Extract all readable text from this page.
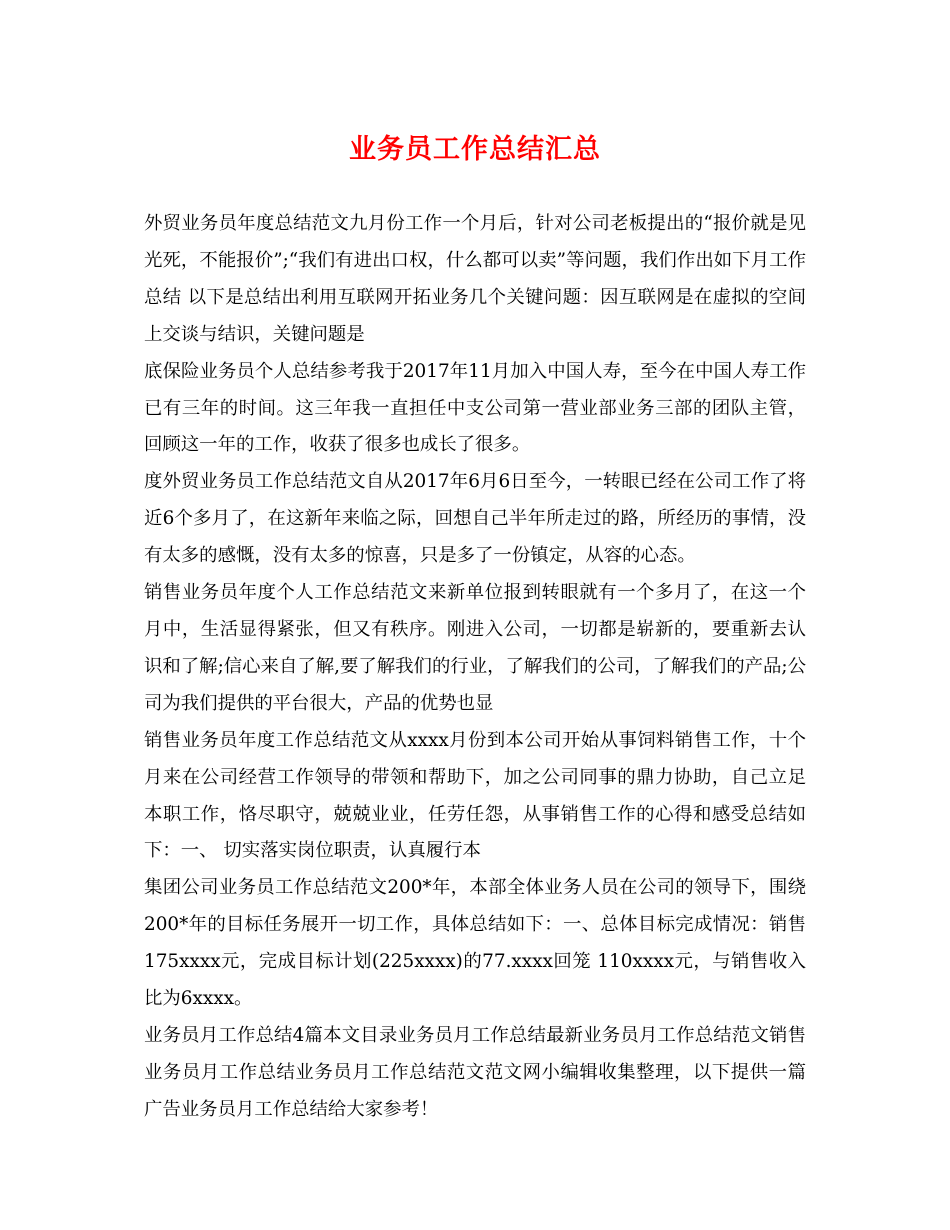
业务员工作总结汇总

外贸业务员年度总结范文九月份工作一个月后，针对公司老板提出的“报价就是见光死，不能报价”;“我们有进出口权，什么都可以卖”等问题，我们作出如下月工作总结 以下是总结出利用互联网开拓业务几个关键问题：因互联网是在虚拟的空间上交谈与结识，关键问题是

底保险业务员个人总结参考我于2017年11月加入中国人寿，至今在中国人寿工作已有三年的时间。这三年我一直担任中支公司第一营业部业务三部的团队主管，回顾这一年的工作，收获了很多也成长了很多。

度外贸业务员工作总结范文自从2017年6月6日至今，一转眼已经在公司工作了将近6个多月了，在这新年来临之际，回想自己半年所走过的路，所经历的事情，没有太多的感慨，没有太多的惊喜，只是多了一份镇定，从容的心态。

销售业务员年度个人工作总结范文来新单位报到转眼就有一个多月了，在这一个月中，生活显得紧张，但又有秩序。刚进入公司，一切都是崭新的，要重新去认识和了解;信心来自了解,要了解我们的行业，了解我们的公司，了解我们的产品;公司为我们提供的平台很大，产品的优势也显

销售业务员年度工作总结范文从xxxx月份到本公司开始从事饲料销售工作，十个月来在公司经营工作领导的带领和帮助下，加之公司同事的鼎力协助，自己立足本职工作，恪尽职守，兢兢业业，任劳任怨，从事销售工作的心得和感受总结如下：一、 切实落实岗位职责，认真履行本

集团公司业务员工作总结范文200*年，本部全体业务人员在公司的领导下，围绕200*年的目标任务展开一切工作，具体总结如下：一、总体目标完成情况：销售175xxxx元，完成目标计划(225xxxx)的77.xxxx回笼 110xxxx元，与销售收入比为6xxxx。

业务员月工作总结4篇本文目录业务员月工作总结最新业务员月工作总结范文销售业务员月工作总结业务员月工作总结范文范文网小编辑收集整理，以下提供一篇广告业务员月工作总结给大家参考！
